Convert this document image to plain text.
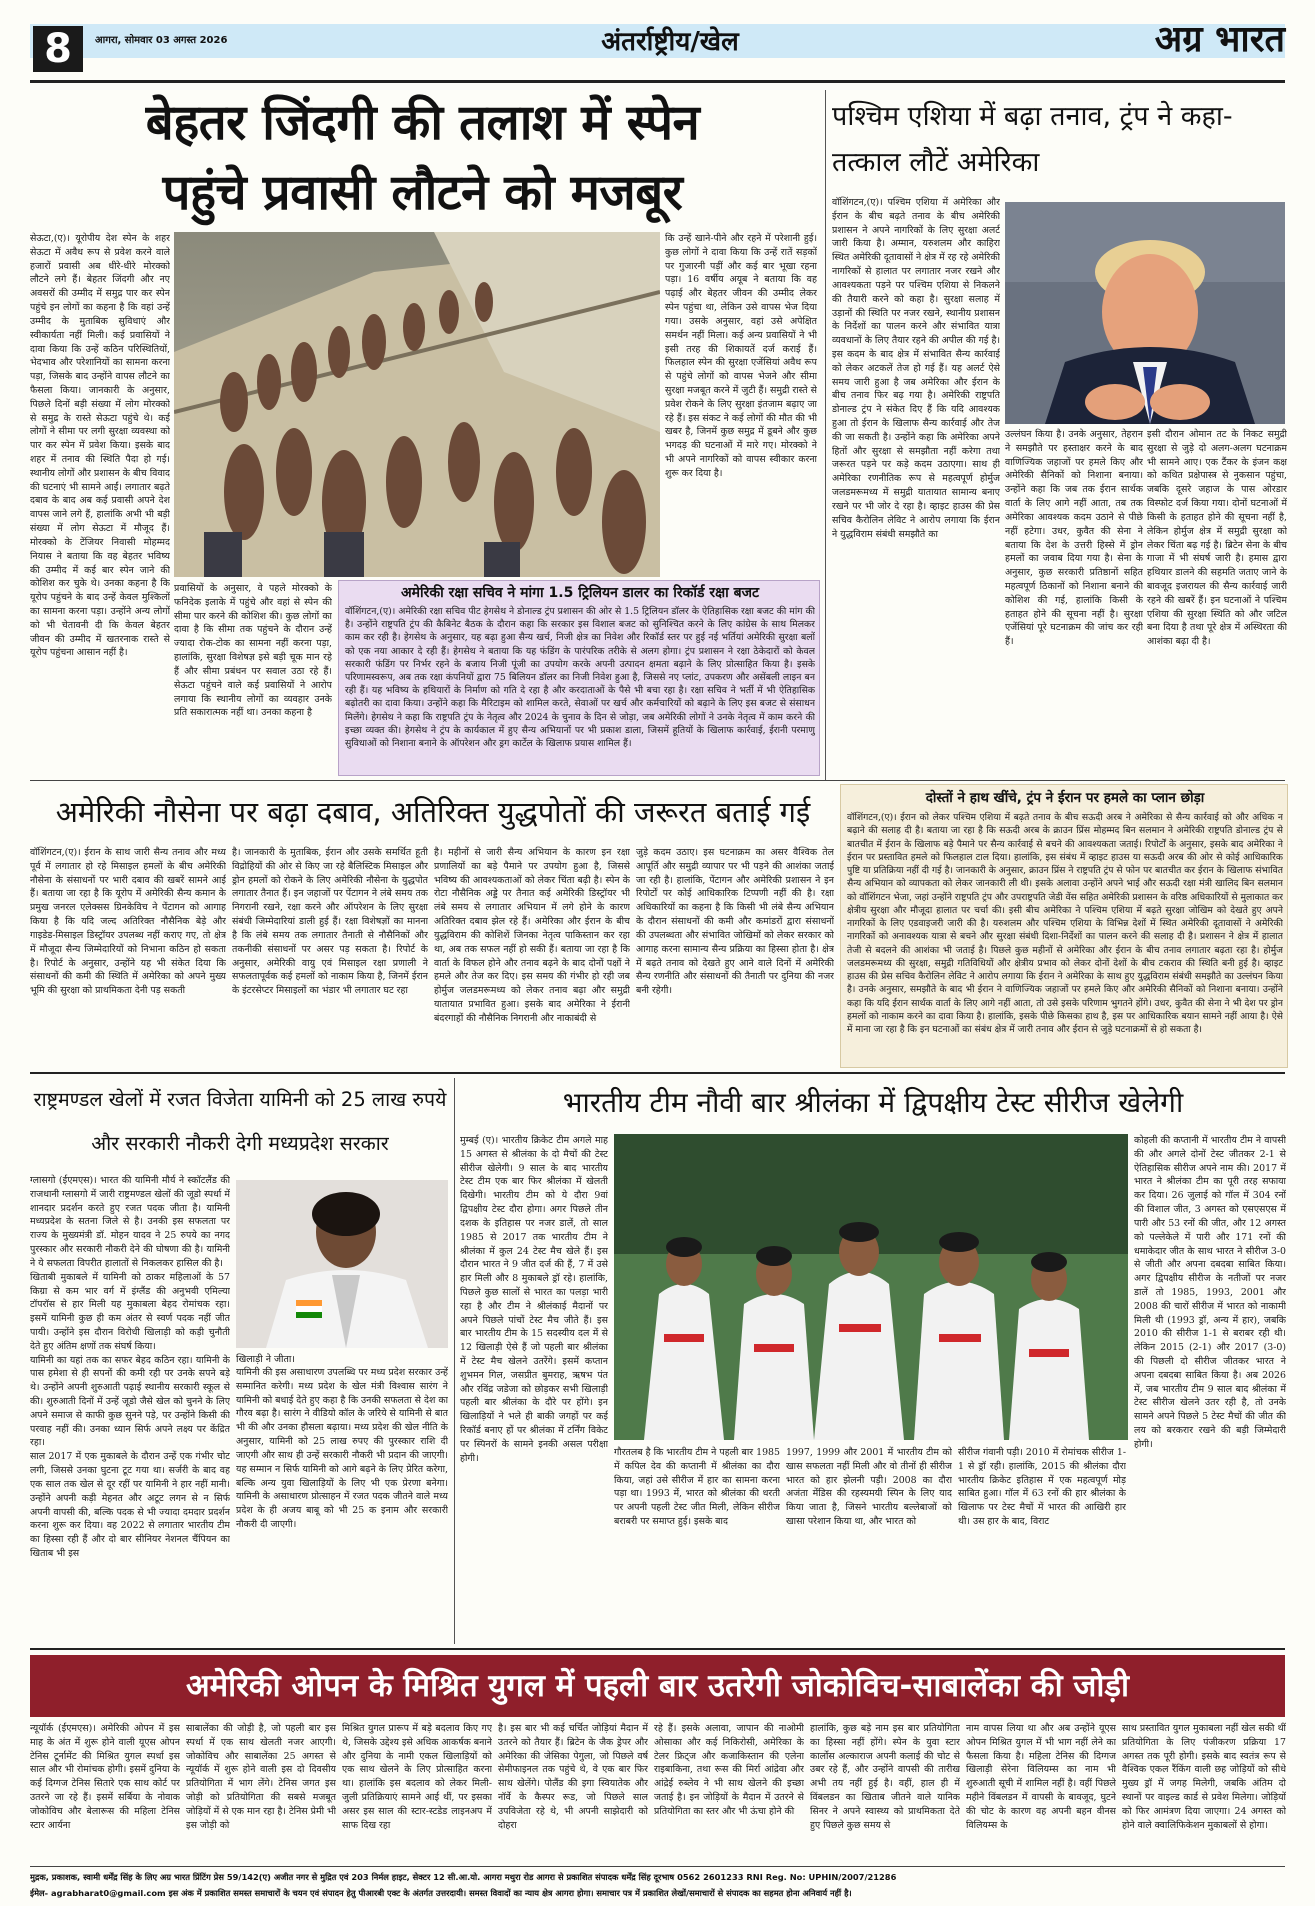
8	आगरा, सोमवार 03 अगस्त 2026	अंतर्राष्ट्रीय/खेल	अग्र भारत
बेहतर जिंदगी की तलाश में स्पेन
पहुंचे प्रवासी लौटने को मजबूर
सेऊटा,(ए)। यूरोपीय देश स्पेन के शहर सेऊटा में अवैध रूप से प्रवेश करने वाले हजारों प्रवासी अब धीरे-धीरे मोरक्को लौटने लगे हैं। बेहतर जिंदगी और नए अवसरों की उम्मीद में समुद्र पार कर स्पेन पहुंचे इन लोगों का कहना है कि वहां उन्हें उम्मीद के मुताबिक सुविधाएं और स्वीकार्यता नहीं मिली। कई प्रवासियों ने दावा किया कि उन्हें कठिन परिस्थितियों, भेदभाव और परेशानियों का सामना करना पड़ा, जिसके बाद उन्होंने वापस लौटने का फैसला किया। जानकारी के अनुसार, पिछले दिनों बड़ी संख्या में लोग मोरक्को से समुद्र के रास्ते सेऊटा पहुंचे थे। कई लोगों ने सीमा पर लगी सुरक्षा व्यवस्था को पार कर स्पेन में प्रवेश किया। इसके बाद शहर में तनाव की स्थिति पैदा हो गई। स्थानीय लोगों और प्रशासन के बीच विवाद की घटनाएं भी सामने आईं। लगातार बढ़ते दबाव के बाद अब कई प्रवासी अपने देश वापस जाने लगे हैं, हालांकि अभी भी बड़ी संख्या में लोग सेऊटा में मौजूद हैं। मोरक्को के टेंजियर निवासी मोहम्मद नियास ने बताया कि वह बेहतर भविष्य की उम्मीद में कई बार स्पेन जाने की कोशिश कर चुके थे। उनका कहना है कि यूरोप पहुंचने के बाद उन्हें केवल मुश्किलों का सामना करना पड़ा। उन्होंने अन्य लोगों को भी चेतावनी दी कि केवल बेहतर जीवन की उम्मीद में खतरनाक रास्ते से यूरोप पहुंचना आसान नहीं है।
प्रवासियों के अनुसार, वे पहले मोरक्को के फनिदेक इलाके में पहुंचे और वहां से स्पेन की सीमा पार करने की कोशिश की। कुछ लोगों का दावा है कि सीमा तक पहुंचने के दौरान उन्हें ज्यादा रोक-टोक का सामना नहीं करना पड़ा, हालांकि, सुरक्षा विशेषज्ञ इसे बड़ी चूक मान रहे हैं और सीमा प्रबंधन पर सवाल उठा रहे हैं। सेऊटा पहुंचने वाले कई प्रवासियों ने आरोप लगाया कि स्थानीय लोगों का व्यवहार उनके प्रति सकारात्मक नहीं था। उनका कहना है
कि उन्हें खाने-पीने और रहने में परेशानी हुई। कुछ लोगों ने दावा किया कि उन्हें रातें सड़कों पर गुजारनी पड़ीं और कई बार भूखा रहना पड़ा। 16 वर्षीय अयूब ने बताया कि वह पढ़ाई और बेहतर जीवन की उम्मीद लेकर स्पेन पहुंचा था, लेकिन उसे वापस भेज दिया गया। उसके अनुसार, वहां उसे अपेक्षित समर्थन नहीं मिला। कई अन्य प्रवासियों ने भी इसी तरह की शिकायतें दर्ज कराई हैं। फिलहाल स्पेन की सुरक्षा एजेंसियां अवैध रूप से पहुंचे लोगों को वापस भेजने और सीमा सुरक्षा मजबूत करने में जुटी हैं। समुद्री रास्ते से प्रवेश रोकने के लिए सुरक्षा इंतजाम बढ़ाए जा रहे हैं। इस संकट ने कई लोगों की मौत की भी खबर है, जिनमें कुछ समुद्र में डूबने और कुछ भगदड़ की घटनाओं में मारे गए। मोरक्को ने भी अपने नागरिकों को वापस स्वीकार करना शुरू कर दिया है।
अमेरिकी रक्षा सचिव ने मांगा 1.5 ट्रिलियन डालर का रिकॉर्ड रक्षा बजट
वॉशिंगटन,(ए)। अमेरिकी रक्षा सचिव पीट हेगसेथ ने डोनाल्ड ट्रंप प्रशासन की ओर से 1.5 ट्रिलियन डॉलर के ऐतिहासिक रक्षा बजट की मांग की है। उन्होंने राष्ट्रपति ट्रंप की कैबिनेट बैठक के दौरान कहा कि सरकार इस विशाल बजट को सुनिश्चित करने के लिए कांग्रेस के साथ मिलकर काम कर रही है। हेगसेथ के अनुसार, यह बढ़ा हुआ सैन्य खर्च, निजी क्षेत्र का निवेश और रिकॉर्ड स्तर पर हुई नई भर्तियां अमेरिकी सुरक्षा बलों को एक नया आकार दे रही हैं। हेगसेथ ने बताया कि यह फंडिंग के पारंपरिक तरीके से अलग होगा। ट्रंप प्रशासन ने रक्षा ठेकेदारों को केवल सरकारी फंडिंग पर निर्भर रहने के बजाय निजी पूंजी का उपयोग करके अपनी उत्पादन क्षमता बढ़ाने के लिए प्रोत्साहित किया है। इसके परिणामस्वरूप, अब तक रक्षा कंपनियों द्वारा 75 बिलियन डॉलर का निजी निवेश हुआ है, जिससे नए प्लांट, उपकरण और असेंबली लाइन बन रही हैं। यह भविष्य के हथियारों के निर्माण को गति दे रहा है और करदाताओं के पैसे भी बचा रहा है। रक्षा सचिव ने भर्ती में भी ऐतिहासिक बढ़ोतरी का दावा किया। उन्होंने कहा कि मैरिटाइम को शामिल करते, सेवाओं पर खर्च और कर्मचारियों को बढ़ाने के लिए इस बजट से संसाधन मिलेंगे। हेगसेथ ने कहा कि राष्ट्रपति ट्रंप के नेतृत्व और 2024 के चुनाव के दिन से जोड़ा, जब अमेरिकी लोगों ने उनके नेतृत्व में काम करने की इच्छा व्यक्त की। हेगसेथ ने ट्रंप के कार्यकाल में हुए सैन्य अभियानों पर भी प्रकाश डाला, जिसमें हूतियों के खिलाफ कार्रवाई, ईरानी परमाणु सुविधाओं को निशाना बनाने के ऑपरेशन और ड्रग कार्टेल के खिलाफ प्रयास शामिल हैं।
पश्चिम एशिया में बढ़ा तनाव, ट्रंप ने कहा- तत्काल लौटें अमेरिका
वॉशिंगटन,(ए)। पश्चिम एशिया में अमेरिका और ईरान के बीच बढ़ते तनाव के बीच अमेरिकी प्रशासन ने अपने नागरिकों के लिए सुरक्षा अलर्ट जारी किया है। अम्मान, यरुशलम और काहिरा स्थित अमेरिकी दूतावासों ने क्षेत्र में रह रहे अमेरिकी नागरिकों से हालात पर लगातार नजर रखने और आवश्यकता पड़ने पर पश्चिम एशिया से निकलने की तैयारी करने को कहा है। सुरक्षा सलाह में उड़ानों की स्थिति पर नजर रखने, स्थानीय प्रशासन के निर्देशों का पालन करने और संभावित यात्रा व्यवधानों के लिए तैयार रहने की अपील की गई है। इस कदम के बाद क्षेत्र में संभावित सैन्य कार्रवाई को लेकर अटकलें तेज हो गई हैं। यह अलर्ट ऐसे समय जारी हुआ है जब अमेरिका और ईरान के बीच तनाव फिर बढ़ गया है। अमेरिकी राष्ट्रपति डोनाल्ड ट्रंप ने संकेत दिए हैं कि यदि आवश्यक हुआ तो ईरान के खिलाफ सैन्य कार्रवाई और तेज की जा सकती है। उन्होंने कहा कि अमेरिका अपने हितों और सुरक्षा से समझौता नहीं करेगा तथा जरूरत पड़ने पर कड़े कदम उठाएगा। साथ ही अमेरिका रणनीतिक रूप से महत्वपूर्ण होर्मुज जलडमरूमध्य में समुद्री यातायात सामान्य बनाए रखने पर भी जोर दे रहा है। व्हाइट हाउस की प्रेस सचिव कैरोलिन लेविट ने आरोप लगाया कि ईरान ने युद्धविराम संबंधी समझौते का
उल्लंघन किया है। उनके अनुसार, तेहरान ने समझौते पर हस्ताक्षर करने के बाद वाणिज्यिक जहाजों पर हमले किए और अमेरिकी सैनिकों को निशाना बनाया। उन्होंने कहा कि जब तक ईरान सार्थक वार्ता के लिए आगे नहीं आता, तब तक अमेरिका आवश्यक कदम उठाने से पीछे नहीं हटेगा। उधर, कुवैत की सेना ने बताया कि देश के उत्तरी हिस्से में ड्रोन हमलों का जवाब दिया गया है। सेना के अनुसार, कुछ सरकारी प्रतिष्ठानों सहित महत्वपूर्ण ठिकानों को निशाना बनाने की कोशिश की गई, हालांकि किसी के हताहत होने की सूचना नहीं है। सुरक्षा एजेंसियां पूरे घटनाक्रम की जांच कर रही हैं।
इसी दौरान ओमान तट के निकट समुद्री सुरक्षा से जुड़े दो अलग-अलग घटनाक्रम भी सामने आए। एक टैंकर के इंजन कक्ष को कथित प्रक्षेपास्त्र से नुकसान पहुंचा, जबकि दूसरे जहाज के पास ओरडार विस्फोट दर्ज किया गया। दोनों घटनाओं में किसी के हताहत होने की सूचना नहीं है, लेकिन होर्मुज क्षेत्र में समुद्री सुरक्षा को लेकर चिंता बढ़ गई है। ब्रिटेन सेना के बीच गाजा में भी संघर्ष जारी है। हमास द्वारा हथियार डालने की सहमति जताए जाने के बावजूद इजरायल की सैन्य कार्रवाई जारी रहने की खबरें हैं। इन घटनाओं ने पश्चिम एशिया की सुरक्षा स्थिति को और जटिल बना दिया है तथा पूरे क्षेत्र में अस्थिरता की आशंका बढ़ा दी है।
अमेरिकी नौसेना पर बढ़ा दबाव, अतिरिक्त युद्धपोतों की जरूरत बताई गई
वॉशिंगटन,(ए)। ईरान के साथ जारी सैन्य तनाव और मध्य पूर्व में लगातार हो रहे मिसाइल हमलों के बीच अमेरिकी नौसेना के संसाधनों पर भारी दबाव की खबरें सामने आई हैं। बताया जा रहा है कि यूरोप में अमेरिकी सैन्य कमान के प्रमुख जनरल एलेक्सस ग्रिनकेविच ने पेंटागन को आगाह किया है कि यदि जल्द अतिरिक्त नौसैनिक बेड़े और गाइडेड-मिसाइल डिस्ट्रॉयर उपलब्ध नहीं कराए गए, तो क्षेत्र में मौजूदा सैन्य जिम्मेदारियों को निभाना कठिन हो सकता है। रिपोर्ट के अनुसार, उन्होंने यह भी संकेत दिया कि संसाधनों की कमी की स्थिति में अमेरिका को अपने मुख्य भूमि की सुरक्षा को प्राथमिकता देनी पड़ सकती
है। जानकारी के मुताबिक, ईरान और उसके समर्थित हूती विद्रोहियों की ओर से किए जा रहे बैलिस्टिक मिसाइल और ड्रोन हमलों को रोकने के लिए अमेरिकी नौसेना के युद्धपोत लगातार तैनात हैं। इन जहाजों पर पेंटागन ने लंबे समय तक निगरानी रखने, रक्षा करने और ऑपरेशन के लिए सुरक्षा संबंधी जिम्मेदारियां डाली हुई हैं। रक्षा विशेषज्ञों का मानना है कि लंबे समय तक लगातार तैनाती से नौसैनिकों और तकनीकी संसाधनों पर असर पड़ सकता है। रिपोर्ट के अनुसार, अमेरिकी वायु एवं मिसाइल रक्षा प्रणाली ने सफलतापूर्वक कई हमलों को नाकाम किया है, जिनमें ईरान के इंटरसेप्टर मिसाइलों का भंडार भी लगातार घट रहा
है। महीनों से जारी सैन्य अभियान के कारण इन रक्षा प्रणालियों का बड़े पैमाने पर उपयोग हुआ है, जिससे भविष्य की आवश्यकताओं को लेकर चिंता बढ़ी है। स्पेन के रोटा नौसैनिक अड्डे पर तैनात कई अमेरिकी डिस्ट्रॉयर भी लंबे समय से लगातार अभियान में लगे होने के कारण अतिरिक्त दबाव झेल रहे हैं। अमेरिका और ईरान के बीच युद्धविराम की कोशिशें जिनका नेतृत्व पाकिस्तान कर रहा था, अब तक सफल नहीं हो सकी हैं। बताया जा रहा है कि वार्ता के विफल होने और तनाव बढ़ने के बाद दोनों पक्षों ने हमले और तेज कर दिए। इस समय की गंभीर हो रही जब होर्मुज जलडमरूमध्य को लेकर तनाव बढ़ा और समुद्री यातायात प्रभावित हुआ। इसके बाद अमेरिका ने ईरानी बंदरगाहों की नौसैनिक निगरानी और नाकाबंदी से
जुड़े कदम उठाए। इस घटनाक्रम का असर वैश्विक तेल आपूर्ति और समुद्री व्यापार पर भी पड़ने की आशंका जताई जा रही है। हालांकि, पेंटागन और अमेरिकी प्रशासन ने इन रिपोर्टों पर कोई आधिकारिक टिप्पणी नहीं की है। रक्षा अधिकारियों का कहना है कि किसी भी लंबे सैन्य अभियान के दौरान संसाधनों की कमी और कमांडरों द्वारा संसाधनों की उपलब्धता और संभावित जोखिमों को लेकर सरकार को आगाह करना सामान्य सैन्य प्रक्रिया का हिस्सा होता है। क्षेत्र में बढ़ते तनाव को देखते हुए आने वाले दिनों में अमेरिकी सैन्य रणनीति और संसाधनों की तैनाती पर दुनिया की नजर बनी रहेगी।
दोस्तों ने हाथ खींचे, ट्रंप ने ईरान पर हमले का प्लान छोड़ा
वॉशिंगटन,(ए)। ईरान को लेकर पश्चिम एशिया में बढ़ते तनाव के बीच सऊदी अरब ने अमेरिका से सैन्य कार्रवाई को और अधिक न बढ़ाने की सलाह दी है। बताया जा रहा है कि सऊदी अरब के क्राउन प्रिंस मोहम्मद बिन सलमान ने अमेरिकी राष्ट्रपति डोनाल्ड ट्रंप से बातचीत में ईरान के खिलाफ बड़े पैमाने पर सैन्य कार्रवाई से बचने की आवश्यकता जताई। रिपोर्टों के अनुसार, इसके बाद अमेरिका ने ईरान पर प्रस्तावित हमले को फिलहाल टाल दिया। हालांकि, इस संबंध में व्हाइट हाउस या सऊदी अरब की ओर से कोई आधिकारिक पुष्टि या प्रतिक्रिया नहीं दी गई है। जानकारी के अनुसार, क्राउन प्रिंस ने राष्ट्रपति ट्रंप से फोन पर बातचीत कर ईरान के खिलाफ संभावित सैन्य अभियान को व्यापकता को लेकर जानकारी ली थी। इसके अलावा उन्होंने अपने भाई और सऊदी रक्षा मंत्री खालिद बिन सलमान को वॉशिंगटन भेजा, जहां उन्होंने राष्ट्रपति ट्रंप और उपराष्ट्रपति जेडी वेंस सहित अमेरिकी प्रशासन के वरिष्ठ अधिकारियों से मुलाकात कर क्षेत्रीय सुरक्षा और मौजूदा हालात पर चर्चा की। इसी बीच अमेरिका ने पश्चिम एशिया में बढ़ते सुरक्षा जोखिम को देखते हुए अपने नागरिकों के लिए एडवाइजरी जारी की है। यरुशलम और पश्चिम एशिया के विभिन्न देशों में स्थित अमेरिकी दूतावासों ने अमेरिकी नागरिकों को अनावश्यक यात्रा से बचने और सुरक्षा संबंधी दिशा-निर्देशों का पालन करने की सलाह दी है। प्रशासन ने क्षेत्र में हालात तेजी से बदलने की आशंका भी जताई है। पिछले कुछ महीनों से अमेरिका और ईरान के बीच तनाव लगातार बढ़ता रहा है। होर्मुज जलडमरूमध्य की सुरक्षा, समुद्री गतिविधियों और क्षेत्रीय प्रभाव को लेकर दोनों देशों के बीच टकराव की स्थिति बनी हुई है। व्हाइट हाउस की प्रेस सचिव कैरोलिन लेविट ने आरोप लगाया कि ईरान ने अमेरिका के साथ हुए युद्धविराम संबंधी समझौते का उल्लंघन किया है। उनके अनुसार, समझौते के बाद भी ईरान ने वाणिज्यिक जहाजों पर हमले किए और अमेरिकी सैनिकों को निशाना बनाया। उन्होंने कहा कि यदि ईरान सार्थक वार्ता के लिए आगे नहीं आता, तो उसे इसके परिणाम भुगतने होंगे। उधर, कुवैत की सेना ने भी देश पर ड्रोन हमलों को नाकाम करने का दावा किया है। हालांकि, इसके पीछे किसका हाथ है, इस पर आधिकारिक बयान सामने नहीं आया है। ऐसे में माना जा रहा है कि इन घटनाओं का संबंध क्षेत्र में जारी तनाव और ईरान से जुड़े घटनाक्रमों से हो सकता है।
राष्ट्रमण्डल खेलों में रजत विजेता यामिनी को 25 लाख रुपये और सरकारी नौकरी देगी मध्यप्रदेश सरकार
ग्लासगो (ईएमएस)। भारत की यामिनी मौर्य ने स्कॉटलैंड की राजधानी ग्लासगो में जारी राष्ट्रमण्डल खेलों की जूडो स्पर्धा में शानदार प्रदर्शन करते हुए रजत पदक जीता है। यामिनी मध्यप्रदेश के सतना जिले से है। उनकी इस सफलता पर राज्य के मुख्यमंत्री डॉ. मोहन यादव ने 25 रुपये का नगद पुरस्कार और सरकारी नौकरी देने की घोषणा की है। यामिनी ने ये सफलता विपरीत हालातों से निकलकर हासिल की है।
खिताबी मुकाबले में यामिनी को ठाकर महिलाओं के 57 किग्रा से कम भार वर्ग में इंग्लैंड की अनुभवी एमिल्या टॉपरॉस से हार मिली यह मुकाबला बेहद रोमांचक रहा। इसमें यामिनी कुछ ही कम अंतर से स्वर्ण पदक नहीं जीत पायी। उन्होंने इस दौरान विरोधी खिलाड़ी को कड़ी चुनौती देते हुए अंतिम क्षणों तक संघर्ष किया।
यामिनी का यहां तक का सफर बेहद कठिन रहा। यामिनी के पास हमेशा से ही सपनों की कमी रही पर उनके सपने बड़े थे। उन्होंने अपनी शुरुआती पढ़ाई स्थानीय सरकारी स्कूल से की। शुरुआती दिनों में उन्हें जूडो जैसे खेल को चुनने के लिए अपने समाज से काफी कुछ सुनने पड़े, पर उन्होंने किसी की परवाह नहीं की। उनका ध्यान सिर्फ अपने लक्ष्य पर केंद्रित रहा।
साल 2017 में एक मुकाबले के दौरान उन्हें एक गंभीर चोट लगी, जिससे उनका घुटना टूट गया था। सर्जरी के बाद वह एक साल तक खेल से दूर रहीं पर यामिनी ने हार नहीं मानी। उन्होंने अपनी कड़ी मेहनत और अटूट लगन से न सिर्फ अपनी वापसी की, बल्कि पदक से भी ज्यादा दमदार प्रदर्शन करना शुरू कर दिया। वह 2022 से लगातार भारतीय टीम का हिस्सा रही हैं और दो बार सीनियर नेशनल चैंपियन का खिताब भी इस
खिलाड़ी ने जीता।
यामिनी की इस असाधारण उपलब्धि पर मध्य प्रदेश सरकार उन्हें सम्मानित करेगी। मध्य प्रदेश के खेल मंत्री विश्वास सारंग ने यामिनी को बधाई देते हुए कहा है कि उनकी सफलता से देश का गौरव बढ़ा है। सारंग ने वीडियो कॉल के जरिये से यामिनी से बात भी की और उनका हौसला बढ़ाया। मध्य प्रदेश की खेल नीति के अनुसार, यामिनी को 25 लाख रुपए की पुरस्कार राशि दी जाएगी और साथ ही उन्हें सरकारी नौकरी भी प्रदान की जाएगी। यह सम्मान न सिर्फ यामिनी को आगे बढ़ने के लिए प्रेरित करेगा, बल्कि अन्य युवा खिलाड़ियों के लिए भी एक प्रेरणा बनेगा। यामिनी के असाधारण प्रोत्साहन में रजत पदक जीतने वाले मध्य प्रदेश के ही अजय बाबू को भी 25 क इनाम और सरकारी नौकरी दी जाएगी।
भारतीय टीम नौवी बार श्रीलंका में द्विपक्षीय टेस्ट सीरीज खेलेगी
मुम्बई (ए)। भारतीय क्रिकेट टीम अगले माह 15 अगस्त से श्रीलंका के दो मैचों की टेस्ट सीरीज खेलेगी। 9 साल के बाद भारतीय टेस्ट टीम एक बार फिर श्रीलंका में खेलती दिखेगी। भारतीय टीम को ये दौरा 9वां द्विपक्षीय टेस्ट दौरा होगा। अगर पिछले तीन दशक के इतिहास पर नजर डालें, तो साल 1985 से 2017 तक भारतीय टीम ने श्रीलंका में कुल 24 टेस्ट मैच खेले हैं। इस दौरान भारत ने 9 जीत दर्ज की हैं, 7 में उसे हार मिली और 8 मुकाबले ड्रॉ रहे। हालांकि, पिछले कुछ सालों से भारत का पलड़ा भारी रहा है और टीम ने श्रीलंकाई मैदानों पर अपने पिछले पांचों टेस्ट मैच जीते हैं। इस बार भारतीय टीम के 15 सदस्यीय दल में से 12 खिलाड़ी ऐसे हैं जो पहली बार श्रीलंका में टेस्ट मैच खेलने उतरेंगे। इसमें कप्तान शुभमन गिल, जसप्रीत बुमराह, ऋषभ पंत और रविंद्र जडेजा को छोड़कर सभी खिलाड़ी पहली बार श्रीलंका के दौरे पर होंगे। इन खिलाड़ियों ने भले ही बाकी जगहों पर कई रिकॉर्ड बनाए हों पर श्रीलंका में टर्निंग विकेट पर स्पिनरों के सामने इनकी असल परीक्षा होगी।
गौरतलब है कि भारतीय टीम ने पहली बार 1985 में कपिल देव की कप्तानी में श्रीलंका का दौरा किया, जहां उसे सीरीज में हार का सामना करना पड़ा था। 1993 में, भारत को श्रीलंका की धरती पर अपनी पहली टेस्ट जीत मिली, लेकिन सीरीज बराबरी पर समाप्त हुई। इसके बाद
1997, 1999 और 2001 में भारतीय टीम को खास सफलता नहीं मिली और वो तीनों ही सीरीज भारत को हार झेलनी पड़ी। 2008 का दौरा अजंता मेंडिस की रहस्यमयी स्पिन के लिए याद किया जाता है, जिसने भारतीय बल्लेबाजों को खासा परेशान किया था, और भारत को
सीरीज गंवानी पड़ी। 2010 में रोमांचक सीरीज 1-1 से ड्रॉ रही। हालांकि, 2015 की श्रीलंका दौरा भारतीय क्रिकेट इतिहास में एक महत्वपूर्ण मोड़ साबित हुआ। गॉल में 63 रनों की हार श्रीलंका के खिलाफ पर टेस्ट मैचों में भारत की आखिरी हार थी। उस हार के बाद, विराट
कोहली की कप्तानी में भारतीय टीम ने वापसी की और अगले दोनों टेस्ट जीतकर 2-1 से ऐतिहासिक सीरीज अपने नाम की। 2017 में भारत ने श्रीलंका टीम का पूरी तरह सफाया कर दिया। 26 जुलाई को गॉल में 304 रनों की विशाल जीत, 3 अगस्त को एसएसएस में पारी और 53 रनों की जीत, और 12 अगस्त को पल्लेकेले में पारी और 171 रनों की धमाकेदार जीत के साथ भारत ने सीरीज 3-0 से जीती और अपना दबदबा साबित किया। अगर द्विपक्षीय सीरीज के नतीजों पर नजर डालें तो 1985, 1993, 2001 और 2008 की चारों सीरीज में भारत को नाकामी मिली थी (1993 ड्रॉ, अन्य में हार), जबकि 2010 की सीरीज 1-1 से बराबर रही थी। लेकिन 2015 (2-1) और 2017 (3-0) की पिछली दो सीरीज जीतकर भारत ने अपना दबदबा साबित किया है। अब 2026 में, जब भारतीय टीम 9 साल बाद श्रीलंका में टेस्ट सीरीज खेलने उतर रही है, तो उनके सामने अपने पिछले 5 टेस्ट मैचों की जीत की लय को बरकरार रखने की बड़ी जिम्मेदारी होगी।
अमेरिकी ओपन के मिश्रित युगल में पहली बार उतरेगी जोकोविच-साबालेंका की जोड़ी
न्यूयॉर्क (ईएमएस)। अमेरिकी ओपन में इस माह के अंत में शुरू होने वाली यूएस ओपन टेनिस टूर्नामेंट की मिश्रित युगल स्पर्धा इस साल और भी रोमांचक होगी। इसमें दुनिया के कई दिग्गज टेनिस सितारे एक साथ कोर्ट पर उतरने जा रहे हैं। इसमें सर्बिया के नोवाक जोकोविच और बेलारूस की महिला टेनिस स्टार आर्यना
साबालेंका की जोड़ी है, जो पहली बार इस स्पर्धा में एक साथ खेलती नजर आएगी। जोकोविच और साबालेंका 25 अगस्त से न्यूयॉर्क में शुरू होने वाली इस दो दिवसीय प्रतियोगिता में भाग लेंगे। टेनिस जगत इस जोड़ी को प्रतियोगिता की सबसे मजबूत जोड़ियों में से एक मान रहा है। टेनिस प्रेमी भी इस जोड़ी को
मिश्रित युगल प्रारूप में बड़े बदलाव किए गए थे, जिसके उद्देश्य इसे अधिक आकर्षक बनाने और दुनिया के नामी एकल खिलाड़ियों को एक साथ खेलने के लिए प्रोत्साहित करना था। हालांकि इस बदलाव को लेकर मिली-जुली प्रतिक्रियाएं सामने आई थीं, पर इसका असर इस साल की स्टार-स्टडेड लाइनअप में साफ दिख रहा
है। इस बार भी कई चर्चित जोड़ियां मैदान में उतरने को तैयार हैं। ब्रिटेन के जैक ड्रेपर और अमेरिका की जेसिका पेगुला, जो पिछले वर्ष सेमीफाइनल तक पहुंचे थे, वे एक बार फिर साथ खेलेंगे। पोलैंड की इगा स्वियातेक और नॉर्वे के कैस्पर रूड, जो पिछले साल उपविजेता रहे थे, भी अपनी साझेदारी को दोहरा
रहे हैं। इसके अलावा, जापान की नाओमी ओसाका और कई निकिरोसी, अमेरिका के टेलर फ्रिट्ज और कजाकिस्तान की एलेना राइबाकिना, तथा रूस की मिर्रा आंद्रेवा और आंद्रेई रुब्लेव ने भी साथ खेलने की इच्छा जताई है। इन जोड़ियों के मैदान में उतरने से प्रतियोगिता का स्तर और भी ऊंचा होने की
हालांकि, कुछ बड़े नाम इस बार प्रतियोगिता का हिस्सा नहीं होंगे। स्पेन के युवा स्टार कार्लोस अल्काराज अपनी कलाई की चोट से उबर रहे हैं, और उन्होंने वापसी की तारीख अभी तय नहीं हुई है। वहीं, हाल ही में विंबलडन का खिताब जीतने वाले यानिक सिनर ने अपने स्वास्थ्य को प्राथमिकता देते हुए पिछले कुछ समय से
नाम वापस लिया था और अब उन्होंने यूएस ओपन मिश्रित युगल में भी भाग नहीं लेने का फैसला किया है। महिला टेनिस की दिग्गज खिलाड़ी सेरेना विलियम्स का नाम भी शुरुआती सूची में शामिल नहीं है। वहीं पिछले महीने विंबलडन में वापसी के बावजूद, घुटने की चोट के कारण वह अपनी बहन वीनस विलियम्स के
साथ प्रस्तावित युगल मुकाबला नहीं खेल सकी थीं प्रतियोगिता के लिए पंजीकरण प्रक्रिया 17 अगस्त तक पूरी होगी। इसके बाद स्वतंत्र रूप से वैश्विक एकल रैंकिंग वाली छह जोड़ियों को सीधे मुख्य ड्रॉ में जगह मिलेगी, जबकि अंतिम दो स्थानों पर वाइल्ड कार्ड से प्रवेश मिलेगा। जोड़ियों को फिर आमंत्रण दिया जाएगा। 24 अगस्त को होने वाले क्वालिफिकेशन मुकाबलों से होगा।
मुद्रक, प्रकाशक, स्वामी धर्मेंद्र सिंह के लिए अग्र भारत प्रिंटिंग प्रेस 59/142(ए) अजीत नगर से मुद्रित एवं 203 निर्मल हाइट, सेक्टर 12 सी.आ.यो. आगरा मथुरा रोड आगरा से प्रकाशित संपादक धर्मेंद्र सिंह दूरभाष 0562 2601233 RNI Reg. No: UPHIN/2007/21286
ईमेल- agrabharat0@gmail.com इस अंक में प्रकाशित समस्त समाचारों के चयन एवं संपादन हेतु पीआरबी एक्ट के अंतर्गत उत्तरदायी। समस्त विवादों का न्याय क्षेत्र आगरा होगा। समाचार पत्र में प्रकाशित लेखों/समाचारों से संपादक का सहमत होना अनिवार्य नहीं है।
